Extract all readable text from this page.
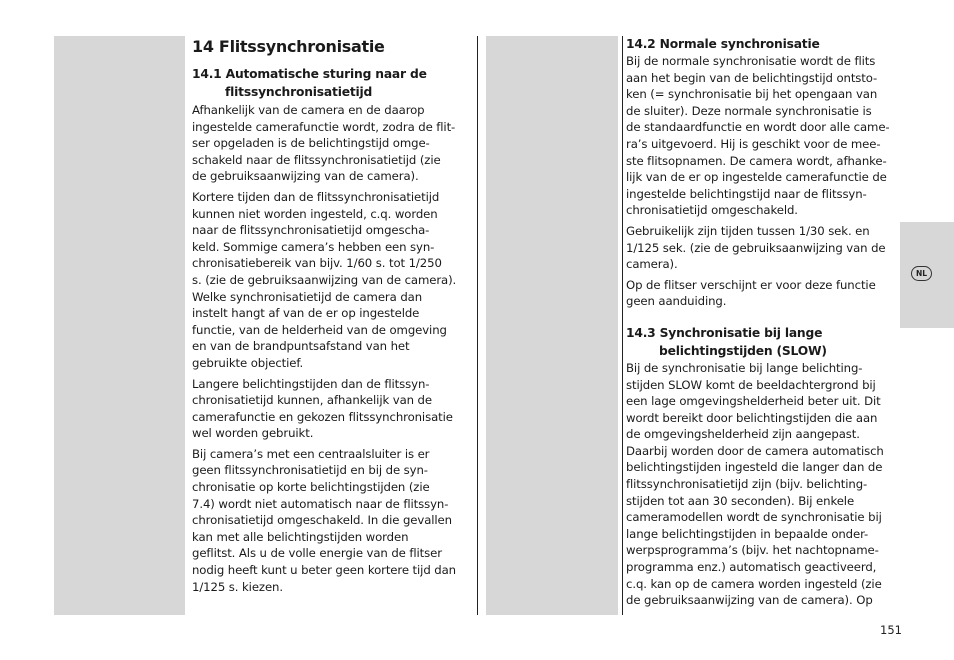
14 Flitssynchronisatie
14.1 Automatische sturing naar de
flitssynchronisatietijd

Afhankelijk van de camera en de daarop
ingestelde camerafunctie wordt, zodra de flit-
ser opgeladen is de belichtingstijd omge-
schakeld naar de flitssynchronisatietijd (zie
de gebruiksaanwijzing van de camera).

Kortere tijden dan de flitssynchronisatietijd
kunnen niet worden ingesteld, c.q. worden
naar de flitssynchronisatietijd omgescha-
keld. Sommige camera’s hebben een syn-
chronisatiebereik van bijv. 1/60 s. tot 1/250
s. (zie de gebruiksaanwijzing van de camera).
Welke synchronisatietijd de camera dan
instelt hangt af van de er op ingestelde
functie, van de helderheid van de omgeving
en van de brandpuntsafstand van het
gebruikte objectief.

Langere belichtingstijden dan de flitssyn-
chronisatietijd kunnen, afhankelijk van de
camerafunctie en gekozen flitssynchronisatie
wel worden gebruikt.

Bij camera’s met een centraalsluiter is er
geen flitssynchronisatietijd en bij de syn-
chronisatie op korte belichtingstijden (zie
7.4) wordt niet automatisch naar de flitssyn-
chronisatietijd omgeschakeld. In die gevallen
kan met alle belichtingstijden worden
geflitst. Als u de volle energie van de flitser
nodig heeft kunt u beter geen kortere tijd dan
1/125 s. kiezen.

14.2 Normale synchronisatie

Bij de normale synchronisatie wordt de flits
aan het begin van de belichtingstijd ontsto-
ken (= synchronisatie bij het opengaan van
de sluiter). Deze normale synchronisatie is
de standaardfunctie en wordt door alle came-
ra’s uitgevoerd. Hij is geschikt voor de mee-
ste flitsopnamen. De camera wordt, afhanke-
lijk van de er op ingestelde camerafunctie de
ingestelde belichtingstijd naar de flitssyn-
chronisatietijd omgeschakeld.

Gebruikelijk zijn tijden tussen 1/30 sek. en
1/125 sek. (zie de gebruiksaanwijzing van de
camera).

Op de flitser verschijnt er voor deze functie
geen aanduiding.

14.3 Synchronisatie bij lange
belichtingstijden (SLOW)

Bij de synchronisatie bij lange belichting-
stijden SLOW komt de beeldachtergrond bij
een lage omgevingshelderheid beter uit. Dit
wordt bereikt door belichtingstijden die aan
de omgevingshelderheid zijn aangepast.
Daarbij worden door de camera automatisch
belichtingstijden ingesteld die langer dan de
flitssynchronisatietijd zijn (bijv. belichting-
stijden tot aan 30 seconden). Bij enkele
cameramodellen wordt de synchronisatie bij
lange belichtingstijden in bepaalde onder-
werpsprogramma’s (bijv. het nachtopname-
programma enz.) automatisch geactiveerd,
c.q. kan op de camera worden ingesteld (zie
de gebruiksaanwijzing van de camera). Op

NL
151
